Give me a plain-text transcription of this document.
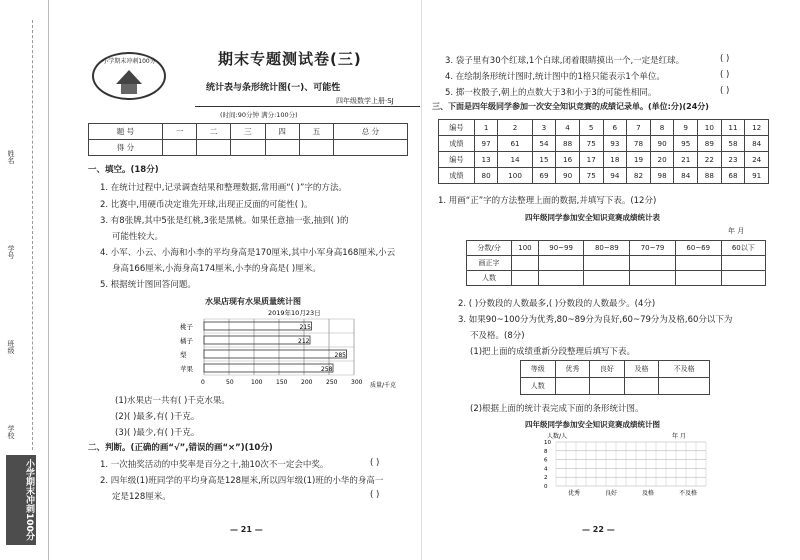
姓名
学号
班级
学校
小学期末冲刺100分
小学期末冲刺100分	期末专题测试卷(三)
统计表与条形统计图(一)、可能性
四年级数学上册·SJ
(时间:90分钟 满分:100分)
题 号	一	二	三	四	五	总 分
得 分						
一、填空。(18分)
1. 在统计过程中,记录调查结果和整理数据,常用画“( )”字的方法。
2. 比赛中,用硬币决定谁先开球,出现正反面的可能性( )。
3. 有8张牌,其中5张是红桃,3张是黑桃。如果任意抽一张,抽到( )的
可能性较大。
4. 小军、小云、小海和小李的平均身高是170厘米,其中小军身高168厘米,小云
身高166厘米,小海身高174厘米,小李的身高是( )厘米。
5. 根据统计图回答问题。
水果店现有水果质量统计图
2019年10月23日
0	50	100 150 200 250 300
桃子	215
橘子	212
梨	285
苹果	258
质量/千克
(1)水果店一共有( )千克水果。
(2)( )最多,有( )千克。
(3)( )最少,有( )千克。
二、判断。(正确的画“√”,错误的画“×”)(10分)
1. 一次抽奖活动的中奖率是百分之十,抽10次不一定会中奖。	( )
2. 四年级(1)班同学的平均身高是128厘米,所以四年级(1)班的小华的身高一
定是128厘米。	( )
— 21 —
3. 袋子里有30个红球,1个白球,闭着眼睛摸出一个,一定是红球。	( )
4. 在绘制条形统计图时,统计图中的1格只能表示1个单位。	( )
5. 掷一枚骰子,朝上的点数大于3和小于3的可能性相同。	( )
三、下面是四年级同学参加一次安全知识竞赛的成绩记录单。(单位:分)(24分)
编号	1	2	3	4	5	6	7	8	9	10	11	12
成绩	97	61	54	88	75	93	78	90	95	89	58	84
编号	13	14	15	16	17	18	19	20	21	22	23	24
成绩	80	100	69	90	75	94	82	98	84	88	68	91
1. 用画“正”字的方法整理上面的数据,并填写下表。(12分)
四年级同学参加安全知识竞赛成绩统计表
年 月
分数/分	100	90~99	80~89	70~79	60~69	60以下
画正字						
人数						
2. ( )分数段的人数最多,( )分数段的人数最少。(4分)
3. 如果90~100分为优秀,80~89分为良好,60~79分为及格,60分以下为
不及格。(8分)
(1)把上面的成绩重新分段整理后填写下表。
等级	优秀	良好	及格	不及格
人数				
(2)根据上面的统计表完成下面的条形统计图。
四年级同学参加安全知识竞赛成绩统计图
人数/人	年 月
0
2
4
6
8
10
优秀	良好	及格	不及格
— 22 —
